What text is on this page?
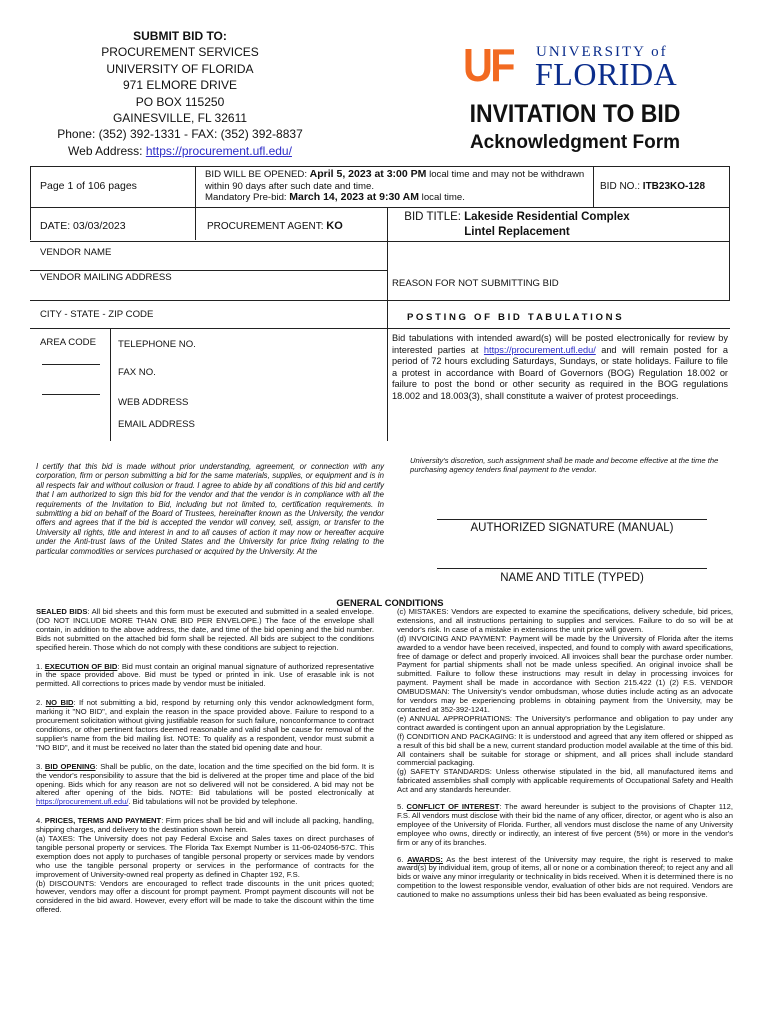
SUBMIT BID TO:
PROCUREMENT SERVICES
UNIVERSITY OF FLORIDA
971 ELMORE DRIVE
PO BOX 115250
GAINESVILLE, FL 32611
Phone: (352) 392-1331 - FAX: (352) 392-8837
Web Address: https://procurement.ufl.edu/
UF UNIVERSITY of
FLORIDA
INVITATION TO BID
Acknowledgment Form
Page 1 of 106 pages
BID WILL BE OPENED: April 5, 2023 at 3:00 PM local time and may not be withdrawn within 90 days after such date and time.
Mandatory Pre-bid: March 14, 2023 at 9:30 AM local time.
BID NO.: ITB23KO-128
DATE: 03/03/2023	PROCUREMENT AGENT: KO
BID TITLE: Lakeside Residential Complex Lintel Replacement
VENDOR NAME
VENDOR MAILING ADDRESS
REASON FOR NOT SUBMITTING BID
CITY - STATE - ZIP CODE	P O S T I N G   O F   B I D   T A B U L A T I O N S
AREA CODE TELEPHONE NO.
FAX NO.
WEB ADDRESS
EMAIL ADDRESS
Bid tabulations with intended award(s) will be posted electronically for review by interested parties at https://procurement.ufl.edu/ and will remain posted for a period of 72 hours excluding Saturdays, Sundays, or state holidays. Failure to file a protest in accordance with Board of Governors (BOG) Regulation 18.002 or failure to post the bond or other security as required in the BOG regulations 18.002 and 18.003(3), shall constitute a waiver of protest proceedings.
University's discretion, such assignment shall be made and become effective at the time the purchasing agency tenders final payment to the vendor.
I certify that this bid is made without prior understanding, agreement, or connection with any corporation, firm or person submitting a bid for the same materials, supplies, or equipment and is in all respects fair and without collusion or fraud. I agree to abide by all conditions of this bid and certify that I am authorized to sign this bid for the vendor and that the vendor is in compliance with all the requirements of the Invitation to Bid, including but not limited to, certification requirements. In submitting a bid on behalf of the Board of Trustees, hereinafter known as the University, the vendor offers and agrees that if the bid is accepted the vendor will convey, sell, assign, or transfer to the University all rights, title and interest in and to all causes of action it may now or hereafter acquire under the Anti-trust laws of the United States and the University for price fixing relating to the particular commodities or services purchased or acquired by the University. At the
AUTHORIZED SIGNATURE (MANUAL)
NAME AND TITLE (TYPED)
GENERAL CONDITIONS

SEALED BIDS: All bid sheets and this form must be executed and submitted in a sealed envelope. (DO NOT INCLUDE MORE THAN ONE BID PER ENVELOPE.) The face of the envelope shall contain, in addition to the above address, the date, and time of the bid opening and the bid number. Bids not submitted on the attached bid form shall be rejected. All bids are subject to the conditions specified herein. Those which do not comply with these conditions are subject to rejection.

1. EXECUTION OF BID: Bid must contain an original manual signature of authorized representative in the space provided above. Bid must be typed or printed in ink. Use of erasable ink is not permitted. All corrections to prices made by vendor must be initialed.

2. NO BID: If not submitting a bid, respond by returning only this vendor acknowledgment form, marking it "NO BID", and explain the reason in the space provided above. Failure to respond to a procurement solicitation without giving justifiable reason for such failure, nonconformance to contract conditions, or other pertinent factors deemed reasonable and valid shall be cause for removal of the supplier's name from the bid mailing list. NOTE: To qualify as a respondent, vendor must submit a "NO BID", and it must be received no later than the stated bid opening date and hour.

3. BID OPENING: Shall be public, on the date, location and the time specified on the bid form. It is the vendor's responsibility to assure that the bid is delivered at the proper time and place of the bid opening. Bids which for any reason are not so delivered will not be considered. A bid may not be altered after opening of the bids. NOTE: Bid tabulations will be posted electronically at https://procurement.ufl.edu/. Bid tabulations will not be provided by telephone.

4. PRICES, TERMS AND PAYMENT: Firm prices shall be bid and will include all packing, handling, shipping charges, and delivery to the destination shown herein.

(a) TAXES: The University does not pay Federal Excise and Sales taxes on direct purchases of tangible personal property or services. The Florida Tax Exempt Number is 11-06-024056-57C. This exemption does not apply to purchases of tangible personal property or services made by vendors who use the tangible personal property or services in the performance of contracts for the improvement of University-owned real property as defined in Chapter 192, F.S.

(b) DISCOUNTS: Vendors are encouraged to reflect trade discounts in the unit prices quoted; however, vendors may offer a discount for prompt payment. Prompt payment discounts will not be considered in the bid award. However, every effort will be made to take the discount within the time offered.

(c) MISTAKES: Vendors are expected to examine the specifications, delivery schedule, bid prices, extensions, and all instructions pertaining to supplies and services. Failure to do so will be at vendor's risk. In case of a mistake in extensions the unit price will govern.

(d) INVOICING AND PAYMENT: Payment will be made by the University of Florida after the items awarded to a vendor have been received, inspected, and found to comply with award specifications, free of damage or defect and properly invoiced. All invoices shall bear the purchase order number. Payment for partial shipments shall not be made unless specified. An original invoice shall be submitted. Failure to follow these instructions may result in delay in processing invoices for payment. Payment shall be made in accordance with Section 215.422 (1) (2) F.S. VENDOR OMBUDSMAN: The University's vendor ombudsman, whose duties include acting as an advocate for vendors may be experiencing problems in obtaining payment from the University, may be contacted at 352-392-1241.

(e) ANNUAL APPROPRIATIONS: The University's performance and obligation to pay under any contract awarded is contingent upon an annual appropriation by the Legislature.

(f) CONDITION AND PACKAGING: It is understood and agreed that any item offered or shipped as a result of this bid shall be a new, current standard production model available at the time of this bid. All containers shall be suitable for storage or shipment, and all prices shall include standard commercial packaging.

(g) SAFETY STANDARDS: Unless otherwise stipulated in the bid, all manufactured items and fabricated assemblies shall comply with applicable requirements of Occupational Safety and Health Act and any standards hereunder.

5. CONFLICT OF INTEREST: The award hereunder is subject to the provisions of Chapter 112, F.S. All vendors must disclose with their bid the name of any officer, director, or agent who is also an employee of the University of Florida. Further, all vendors must disclose the name of any University employee who owns, directly or indirectly, an interest of five percent (5%) or more in the vendor's firm or any of its branches.

6. AWARDS: As the best interest of the University may require, the right is reserved to make award(s) by individual item, group of items, all or none or a combination thereof; to reject any and all bids or waive any minor irregularity or technicality in bids received. When it is determined there is no competition to the lowest responsible vendor, evaluation of other bids are not required. Vendors are cautioned to make no assumptions unless their bid has been evaluated as being responsive.
